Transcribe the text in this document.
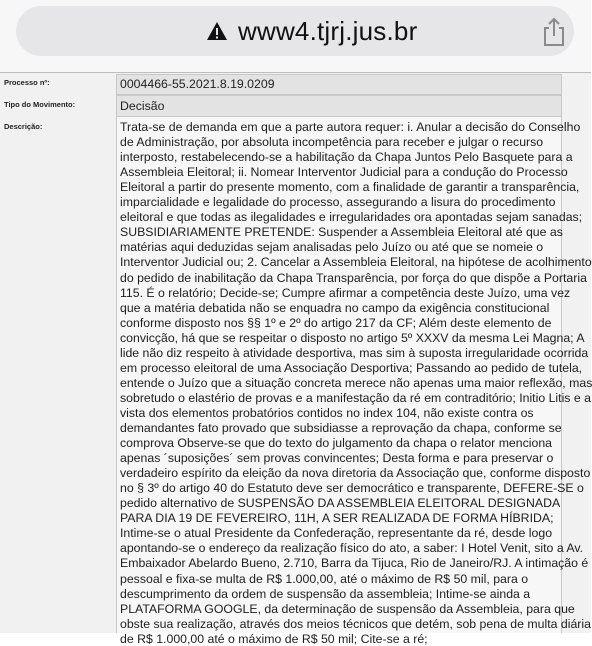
www4.tjrj.jus.br
Processo nº:	0004466-55.2021.8.19.0209
Tipo do Movimento:	Decisão
Descrição:	Trata-se de demanda em que a parte autora requer: i. Anular a decisão do Conselho
de Administração, por absoluta incompetência para receber e julgar o recurso
interposto, restabelecendo-se a habilitação da Chapa Juntos Pelo Basquete para a
Assembleia Eleitoral; ii. Nomear Interventor Judicial para a condução do Processo
Eleitoral a partir do presente momento, com a finalidade de garantir a transparência,
imparcialidade e legalidade do processo, assegurando a lisura do procedimento
eleitoral e que todas as ilegalidades e irregularidades ora apontadas sejam sanadas;
SUBSIDIARIAMENTE PRETENDE: Suspender a Assembleia Eleitoral até que as
matérias aqui deduzidas sejam analisadas pelo Juízo ou até que se nomeie o
Interventor Judicial ou; 2. Cancelar a Assembleia Eleitoral, na hipótese de acolhimento
do pedido de inabilitação da Chapa Transparência, por força do que dispõe a Portaria
115. É o relatório; Decide-se; Cumpre afirmar a competência deste Juízo, uma vez
que a matéria debatida não se enquadra no campo da exigência constitucional
conforme disposto nos §§ 1º e 2º do artigo 217 da CF; Além deste elemento de
convicção, há que se respeitar o disposto no artigo 5º XXXV da mesma Lei Magna; A
lide não diz respeito à atividade desportiva, mas sim à suposta irregularidade ocorrida
em processo eleitoral de uma Associação Desportiva; Passando ao pedido de tutela,
entende o Juízo que a situação concreta merece não apenas uma maior reflexão, mas
sobretudo o elastério de provas e a manifestação da ré em contraditório; Initio Litis e a
vista dos elementos probatórios contidos no index 104, não existe contra os
demandantes fato provado que subsidiasse a reprovação da chapa, conforme se
comprova Observe-se que do texto do julgamento da chapa o relator menciona
apenas ´suposições´ sem provas convincentes; Desta forma e para preservar o
verdadeiro espírito da eleição da nova diretoria da Associação que, conforme disposto
no § 3º do artigo 40 do Estatuto deve ser democrático e transparente, DEFERE-SE o
pedido alternativo de SUSPENSÃO DA ASSEMBLEIA ELEITORAL DESIGNADA
PARA DIA 19 DE FEVEREIRO, 11H, A SER REALIZADA DE FORMA HÍBRIDA;
Intime-se o atual Presidente da Confederação, representante da ré, desde logo
apontando-se o endereço da realização físico do ato, a saber: I Hotel Venit, sito a Av.
Embaixador Abelardo Bueno, 2.710, Barra da Tijuca, Rio de Janeiro/RJ. A intimação é
pessoal e fixa-se multa de R$ 1.000,00, até o máximo de R$ 50 mil, para o
descumprimento da ordem de suspensão da assembleia; Intime-se ainda a
PLATAFORMA GOOGLE, da determinação de suspensão da Assembleia, para que
obste sua realização, através dos meios técnicos que detém, sob pena de multa diária
de R$ 1.000,00 até o máximo de R$ 50 mil; Cite-se a ré;
